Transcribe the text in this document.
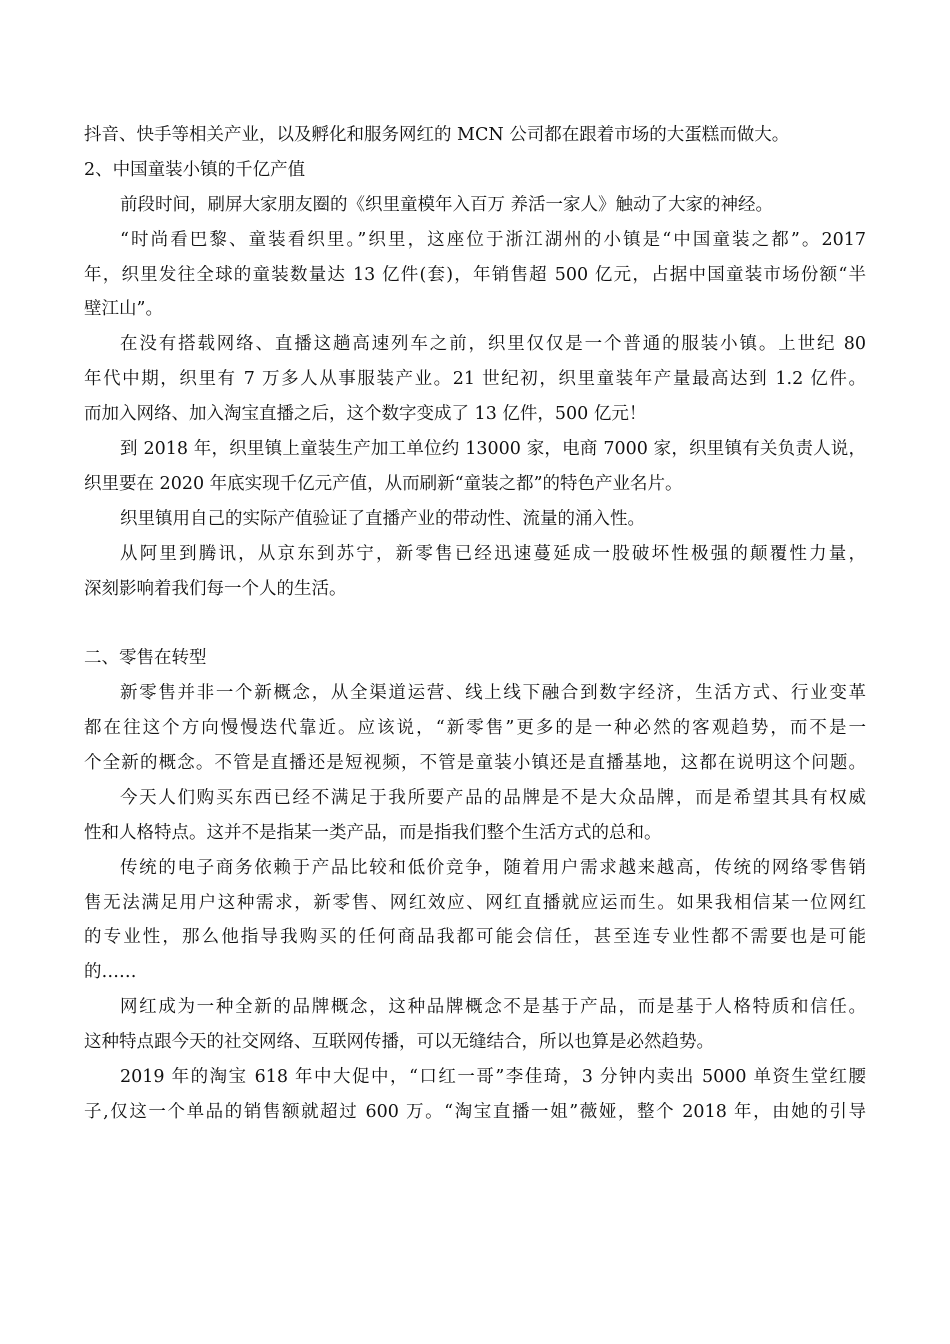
抖音、快手等相关产业，以及孵化和服务网红的 MCN 公司都在跟着市场的大蛋糕而做大。
2、中国童装小镇的千亿产值
前段时间，刷屏大家朋友圈的《织里童模年入百万 养活一家人》触动了大家的神经。
“时尚看巴黎、童装看织里。”织里，这座位于浙江湖州的小镇是“中国童装之都”。2017
年，织里发往全球的童装数量达 13 亿件(套)，年销售超 500 亿元，占据中国童装市场份额“半
壁江山”。
在没有搭载网络、直播这趟高速列车之前，织里仅仅是一个普通的服装小镇。上世纪 80
年代中期，织里有 7 万多人从事服装产业。21 世纪初，织里童装年产量最高达到 1.2 亿件。
而加入网络、加入淘宝直播之后，这个数字变成了 13 亿件，500 亿元！
到 2018 年，织里镇上童装生产加工单位约 13000 家，电商 7000 家，织里镇有关负责人说，
织里要在 2020 年底实现千亿元产值，从而刷新“童装之都”的特色产业名片。
织里镇用自己的实际产值验证了直播产业的带动性、流量的涌入性。
从阿里到腾讯，从京东到苏宁，新零售已经迅速蔓延成一股破坏性极强的颠覆性力量，
深刻影响着我们每一个人的生活。
二、零售在转型
新零售并非一个新概念，从全渠道运营、线上线下融合到数字经济，生活方式、行业变革
都在往这个方向慢慢迭代靠近。应该说，“新零售”更多的是一种必然的客观趋势，而不是一
个全新的概念。不管是直播还是短视频，不管是童装小镇还是直播基地，这都在说明这个问题。
今天人们购买东西已经不满足于我所要产品的品牌是不是大众品牌，而是希望其具有权威
性和人格特点。这并不是指某一类产品，而是指我们整个生活方式的总和。
传统的电子商务依赖于产品比较和低价竞争，随着用户需求越来越高，传统的网络零售销
售无法满足用户这种需求，新零售、网红效应、网红直播就应运而生。如果我相信某一位网红
的专业性，那么他指导我购买的任何商品我都可能会信任，甚至连专业性都不需要也是可能
的……
网红成为一种全新的品牌概念，这种品牌概念不是基于产品，而是基于人格特质和信任。
这种特点跟今天的社交网络、互联网传播，可以无缝结合，所以也算是必然趋势。
2019 年的淘宝 618 年中大促中，“口红一哥”李佳琦，3 分钟内卖出 5000 单资生堂红腰
子,仅这一个单品的销售额就超过 600 万。“淘宝直播一姐”薇娅，整个 2018 年，由她的引导
